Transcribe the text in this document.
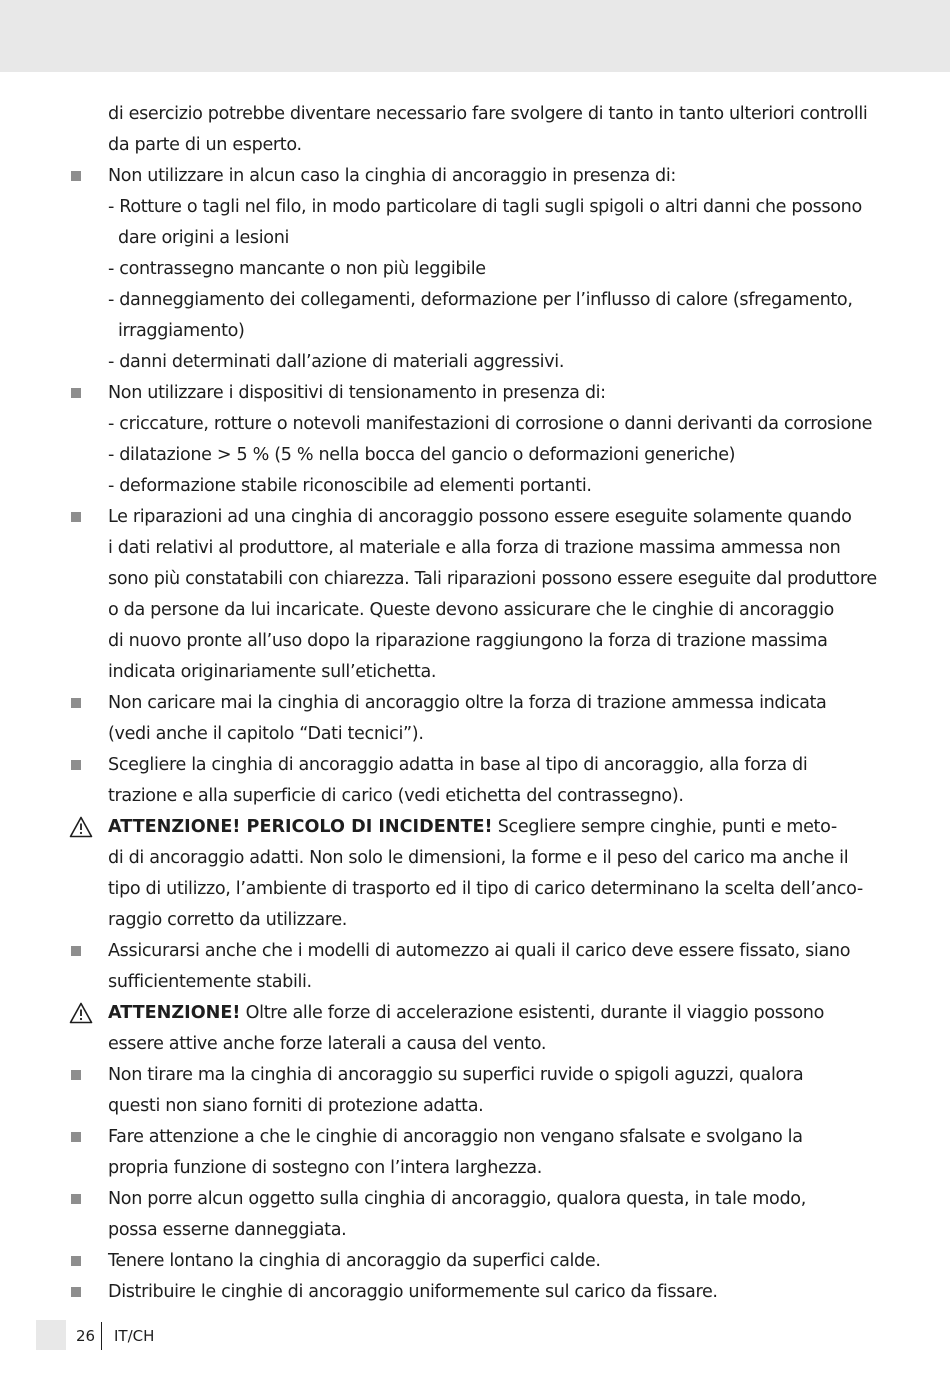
di esercizio potrebbe diventare necessario fare svolgere di tanto in tanto ulteriori controlli
da parte di un esperto.
Non utilizzare in alcun caso la cinghia di ancoraggio in presenza di:
- Rotture o tagli nel filo, in modo particolare di tagli sugli spigoli o altri danni che possono
dare origini a lesioni
- contrassegno mancante o non più leggibile
- danneggiamento dei collegamenti, deformazione per l’influsso di calore (sfregamento,
irraggiamento)
- danni determinati dall’azione di materiali aggressivi.
Non utilizzare i dispositivi di tensionamento in presenza di:
- criccature, rotture o notevoli manifestazioni di corrosione o danni derivanti da corrosione
- dilatazione > 5 % (5 % nella bocca del gancio o deformazioni generiche)
- deformazione stabile riconoscibile ad elementi portanti.
Le riparazioni ad una cinghia di ancoraggio possono essere eseguite solamente quando
i dati relativi al produttore, al materiale e alla forza di trazione massima ammessa non
sono più constatabili con chiarezza. Tali riparazioni possono essere eseguite dal produttore
o da persone da lui incaricate. Queste devono assicurare che le cinghie di ancoraggio
di nuovo pronte all’uso dopo la riparazione raggiungono la forza di trazione massima
indicata originariamente sull’etichetta.
Non caricare mai la cinghia di ancoraggio oltre la forza di trazione ammessa indicata
(vedi anche il capitolo “Dati tecnici”).
Scegliere la cinghia di ancoraggio adatta in base al tipo di ancoraggio, alla forza di
trazione e alla superficie di carico (vedi etichetta del contrassegno).
ATTENZIONE! PERICOLO DI INCIDENTE! Scegliere sempre cinghie, punti e meto-
di di ancoraggio adatti. Non solo le dimensioni, la forme e il peso del carico ma anche il
tipo di utilizzo, l’ambiente di trasporto ed il tipo di carico determinano la scelta dell’anco-
raggio corretto da utilizzare.
Assicurarsi anche che i modelli di automezzo ai quali il carico deve essere fissato, siano
sufficientemente stabili.
ATTENZIONE! Oltre alle forze di accelerazione esistenti, durante il viaggio possono
essere attive anche forze laterali a causa del vento.
Non tirare ma la cinghia di ancoraggio su superfici ruvide o spigoli aguzzi, qualora
questi non siano forniti di protezione adatta.
Fare attenzione a che le cinghie di ancoraggio non vengano sfalsate e svolgano la
propria funzione di sostegno con l’intera larghezza.
Non porre alcun oggetto sulla cinghia di ancoraggio, qualora questa, in tale modo,
possa esserne danneggiata.
Tenere lontano la cinghia di ancoraggio da superfici calde.
Distribuire le cinghie di ancoraggio uniformemente sul carico da fissare.
26 IT/CH
